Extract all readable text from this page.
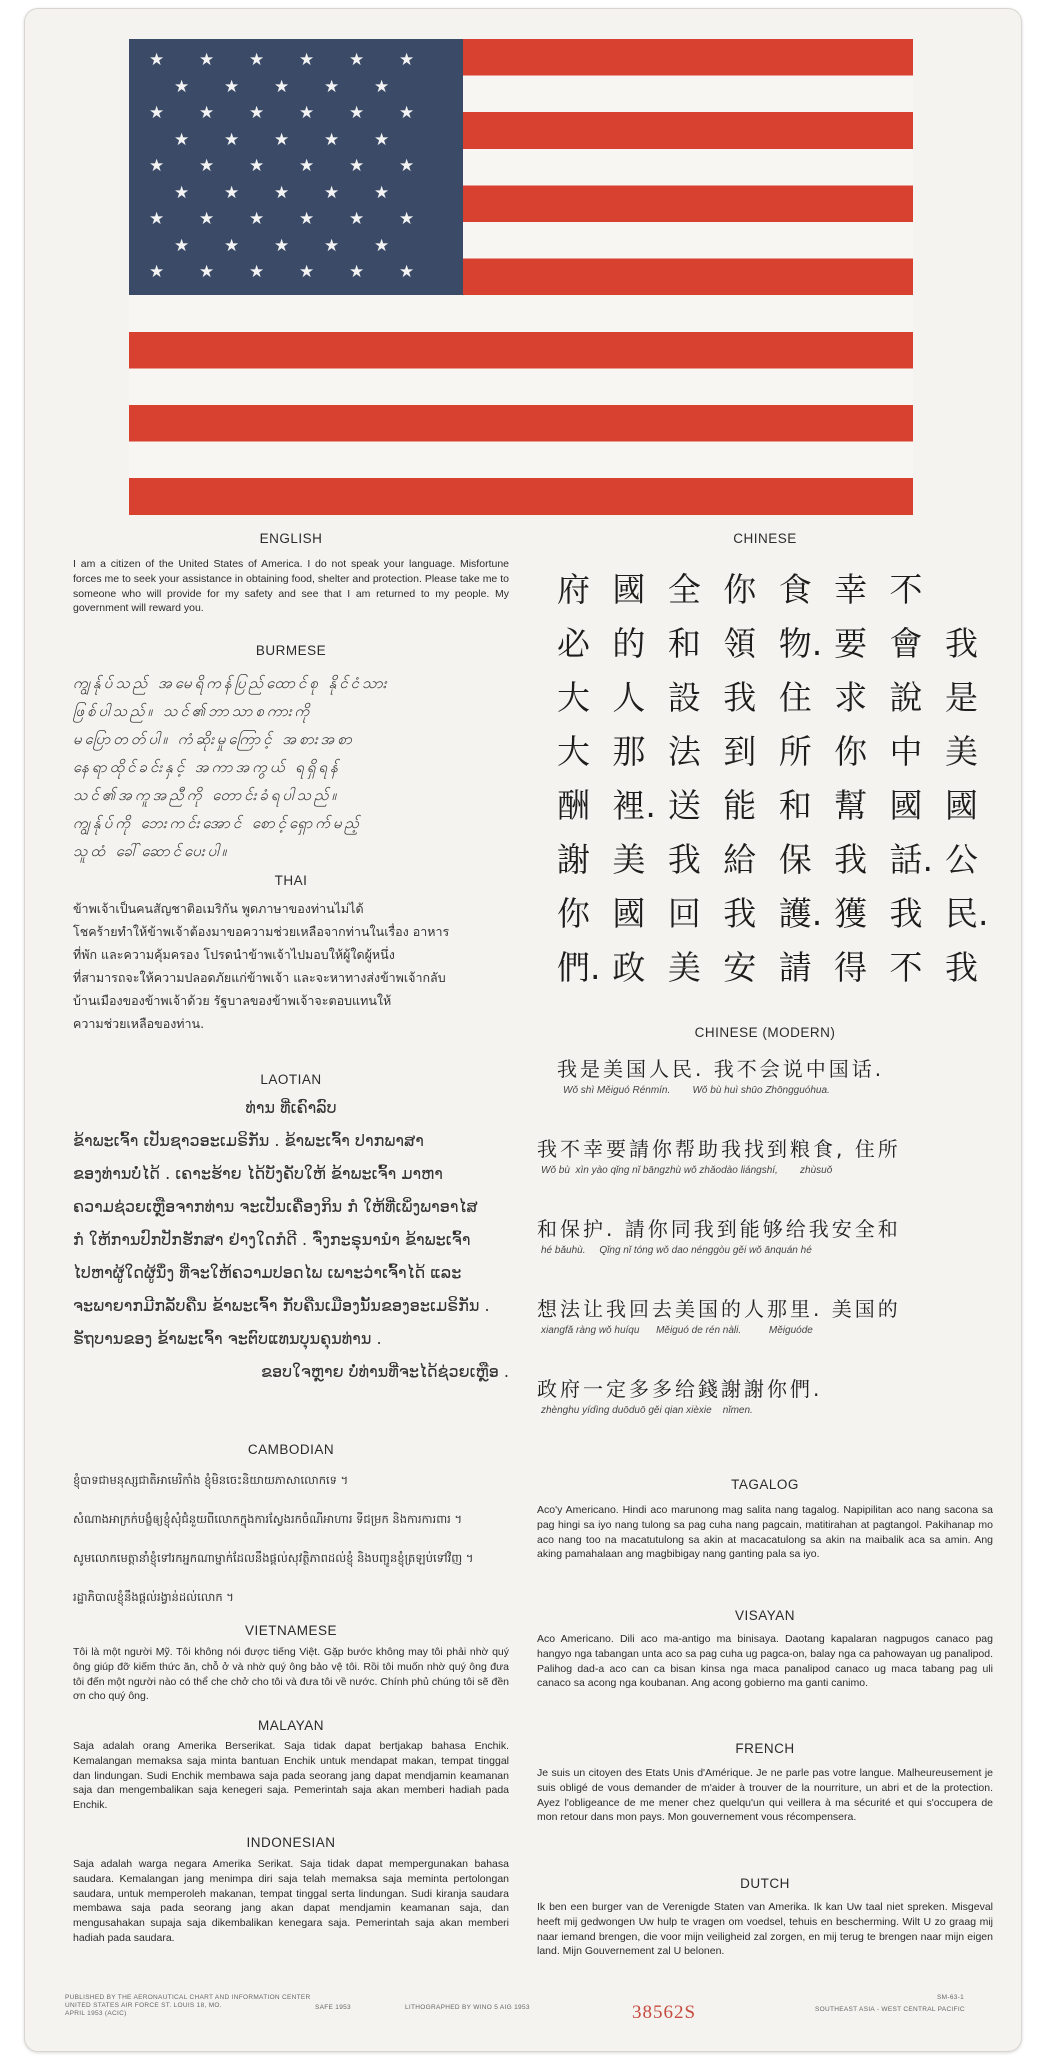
★ ★ ★ ★ ★ ★
★ ★ ★ ★ ★
★ ★ ★ ★ ★ ★
★ ★ ★ ★ ★
★ ★ ★ ★ ★ ★
★ ★ ★ ★ ★
★ ★ ★ ★ ★ ★
★ ★ ★ ★ ★
★ ★ ★ ★ ★ ★
ENGLISH

I am a citizen of the United States of America. I do not speak your language. Misfortune forces me to seek your assistance in obtaining food, shelter and protection. Please take me to someone who will provide for my safety and see that I am returned to my people. My government will reward you.

BURMESE
ကျွန်ုပ်သည် အမေရိကန်ပြည်ထောင်စု နိုင်ငံသား
ဖြစ်ပါသည်။ သင်၏ဘာသာစကားကို
မပြောတတ်ပါ။ ကံဆိုးမှုကြောင့် အစားအစာ
နေရာထိုင်ခင်းနှင့် အကာအကွယ် ရရှိရန်
သင်၏အကူအညီကို တောင်းခံရပါသည်။
ကျွန်ုပ်ကို ဘေးကင်းအောင် စောင့်ရှောက်မည့်
သူထံ ခေါ်ဆောင်ပေးပါ။
THAI
ข้าพเจ้าเป็นคนสัญชาติอเมริกัน พูดภาษาของท่านไม่ได้
โชคร้ายทำให้ข้าพเจ้าต้องมาขอความช่วยเหลือจากท่านในเรื่อง อาหาร
ที่พัก และความคุ้มครอง โปรดนำข้าพเจ้าไปมอบให้ผู้ใดผู้หนึ่ง
ที่สามารถจะให้ความปลอดภัยแก่ข้าพเจ้า และจะหาทางส่งข้าพเจ้ากลับ
บ้านเมืองของข้าพเจ้าด้วย รัฐบาลของข้าพเจ้าจะตอบแทนให้
ความช่วยเหลือของท่าน.
LAOTIAN
ທ່ານ ທີ່ເຄົາລົບ
ຂ້າພະເຈົ້າ ເປັນຊາວອະເມຣິກັນ . ຂ້າພະເຈົ້າ ປາກພາສາ
ຂອງທ່ານບໍ່ໄດ້ . ເຄາະຮ້າຍ ໄດ້ບັງຄັບໃຫ້ ຂ້າພະເຈົ້າ ມາຫາ
ຄວາມຊ່ວຍເຫຼືອຈາກທ່ານ ຈະເປັນເຄື່ອງກິນ ກໍ ໃຫ້ທີ່ເພິ່ງພາອາໄສ
ກໍ ໃຫ້ການປົກປັກຮັກສາ ຢ່າງໃດກໍດີ . ຈົ່ງກະຣຸນານຳ ຂ້າພະເຈົ້າ
ໄປຫາຜູ້ໃດຜູ້ນຶ່ງ ທີ່ຈະໃຫ້ຄວາມປອດໄພ ເພາະວ່າເຈົ້າໄດ້ ແລະ
ຈະພາຍາກມີກລັບຄືນ ຂ້າພະເຈົ້າ ກັບຄືນເມືອງນັ້ນຂອງອະເມຣິກັນ .
ຣັຖບານຂອງ ຂ້າພະເຈົ້າ ຈະຕົບແທນບຸນຄຸນທ່ານ .
ຂອບໃຈຫຼາຍ ບໍ່ທ່ານທີ່ຈະໄດ້ຊ່ວຍເຫຼືອ .
CAMBODIAN
ខ្ញុំបាទជាមនុស្សជាតិអាមេរិកាំង ខ្ញុំមិនចេះនិយាយភាសាលោកទេ ។
សំណាងអាក្រក់បង្ខំឲ្យខ្ញុំសុំជំនួយពីលោកក្នុងការស្វែងរកចំណីអាហារ ទីជម្រក និងការការពារ ។
សូមលោកមេត្តានាំខ្ញុំទៅរកអ្នកណាម្នាក់ដែលនឹងផ្តល់សុវត្ថិភាពដល់ខ្ញុំ និងបញ្ជូនខ្ញុំត្រឡប់ទៅវិញ ។
រដ្ឋាភិបាលខ្ញុំនឹងផ្តល់រង្វាន់ដល់លោក ។
VIETNAMESE

Tôi là một người Mỹ. Tôi không nói được tiếng Việt. Gặp bước không may tôi phải nhờ quý ông giúp đỡ kiếm thức ăn, chỗ ở và nhờ quý ông bảo vệ tôi. Rồi tôi muốn nhờ quý ông đưa tôi đến một người nào có thể che chở cho tôi và đưa tôi về nước. Chính phủ chúng tôi sẽ đền ơn cho quý ông.

MALAYAN

Saja adalah orang Amerika Berserikat. Saja tidak dapat bertjakap bahasa Enchik. Kemalangan memaksa saja minta bantuan Enchik untuk mendapat makan, tempat tinggal dan lindungan. Sudi Enchik membawa saja pada seorang jang dapat mendjamin keamanan saja dan mengembalikan saja kenegeri saja. Pemerintah saja akan memberi hadiah pada Enchik.

INDONESIAN

Saja adalah warga negara Amerika Serikat. Saja tidak dapat mempergunakan bahasa saudara. Kemalangan jang menimpa diri saja telah memaksa saja meminta pertolongan saudara, untuk memperoleh makanan, tempat tinggal serta lindungan. Sudi kiranja saudara membawa saja pada seorang jang akan dapat mendjamin keamanan saja, dan mengusahakan supaja saja dikembalikan kenegara saja. Pemerintah saja akan memberi hadiah pada saudara.

CHINESE
府 國 全 你 食 幸 不
必 的 和 領 物. 要 會 我
大 人 設 我 住 求 說 是
大 那 法 到 所 你 中 美
酬 裡. 送 能 和 幫 國 國
謝 美 我 給 保 我 話. 公
你 國 回 我 護. 獲 我 民.
們. 政 美 安 請 得 不 我
CHINESE (MODERN)
我是美国人民. 我不会说中国话.
Wǒ shì Měiguó Rénmín.        Wǒ bù huì shūo Zhōngguóhua.
我不幸要請你帮助我找到粮食, 住所
Wǒ bù  xìn yào qǐng nǐ bāngzhù wǒ zhǎodào liángshí,        zhùsuǒ
和保护. 請你同我到能够给我安全和
hé bǎuhù.     Qǐng nǐ tóng wǒ dao nénggòu gěi wǒ ānquán hé
想法让我回去美国的人那里. 美国的
xiangfǎ ràng wǒ huíqu      Měiguó de rén nàli.          Měiguóde
政府一定多多给錢謝謝你們.
zhènghu yídìng duōduō gěi qian xièxie    nǐmen.
TAGALOG

Aco'y Americano. Hindi aco marunong mag salita nang tagalog. Napipilitan aco nang sacona sa pag hingi sa iyo nang tulong sa pag cuha nang pagcain, matitirahan at pagtangol. Pakihanap mo aco nang too na macatutulong sa akin at macacatulong sa akin na maibalik aca sa amin. Ang aking pamahalaan ang magbibigay nang ganting pala sa iyo.

VISAYAN

Aco Americano. Dili aco ma-antigo ma binisaya. Daotang kapalaran nagpugos canaco pag hangyo nga tabangan unta aco sa pag cuha ug pagca-on, balay nga ca pahowayan ug panalipod. Palihog dad-a aco can ca bisan kinsa nga maca panalipod canaco ug maca tabang pag uli canaco sa acong nga koubanan. Ang acong gobierno ma ganti canimo.

FRENCH

Je suis un citoyen des Etats Unis d'Amérique. Je ne parle pas votre langue. Malheureusement je suis obligé de vous demander de m'aider à trouver de la nourriture, un abri et de la protection. Ayez l'obligeance de me mener chez quelqu'un qui veillera à ma sécurité et qui s'occupera de mon retour dans mon pays. Mon gouvernement vous récompensera.

DUTCH

Ik ben een burger van de Verenigde Staten van Amerika. Ik kan Uw taal niet spreken. Misgeval heeft mij gedwongen Uw hulp te vragen om voedsel, tehuis en bescherming. Wilt U zo graag mij naar iemand brengen, die voor mijn veiligheid zal zorgen, en mij terug te brengen naar mijn eigen land. Mijn Gouvernement zal U belonen.

PUBLISHED BY THE AERONAUTICAL CHART AND INFORMATION CENTER
UNITED STATES AIR FORCE ST. LOUIS 18, MO.
APRIL 1953 (ACIC)
SAFE 1953	LITHOGRAPHED BY WINO 5 AIG 1953	38562S
SM-63-1
SOUTHEAST ASIA - WEST CENTRAL PACIFIC
